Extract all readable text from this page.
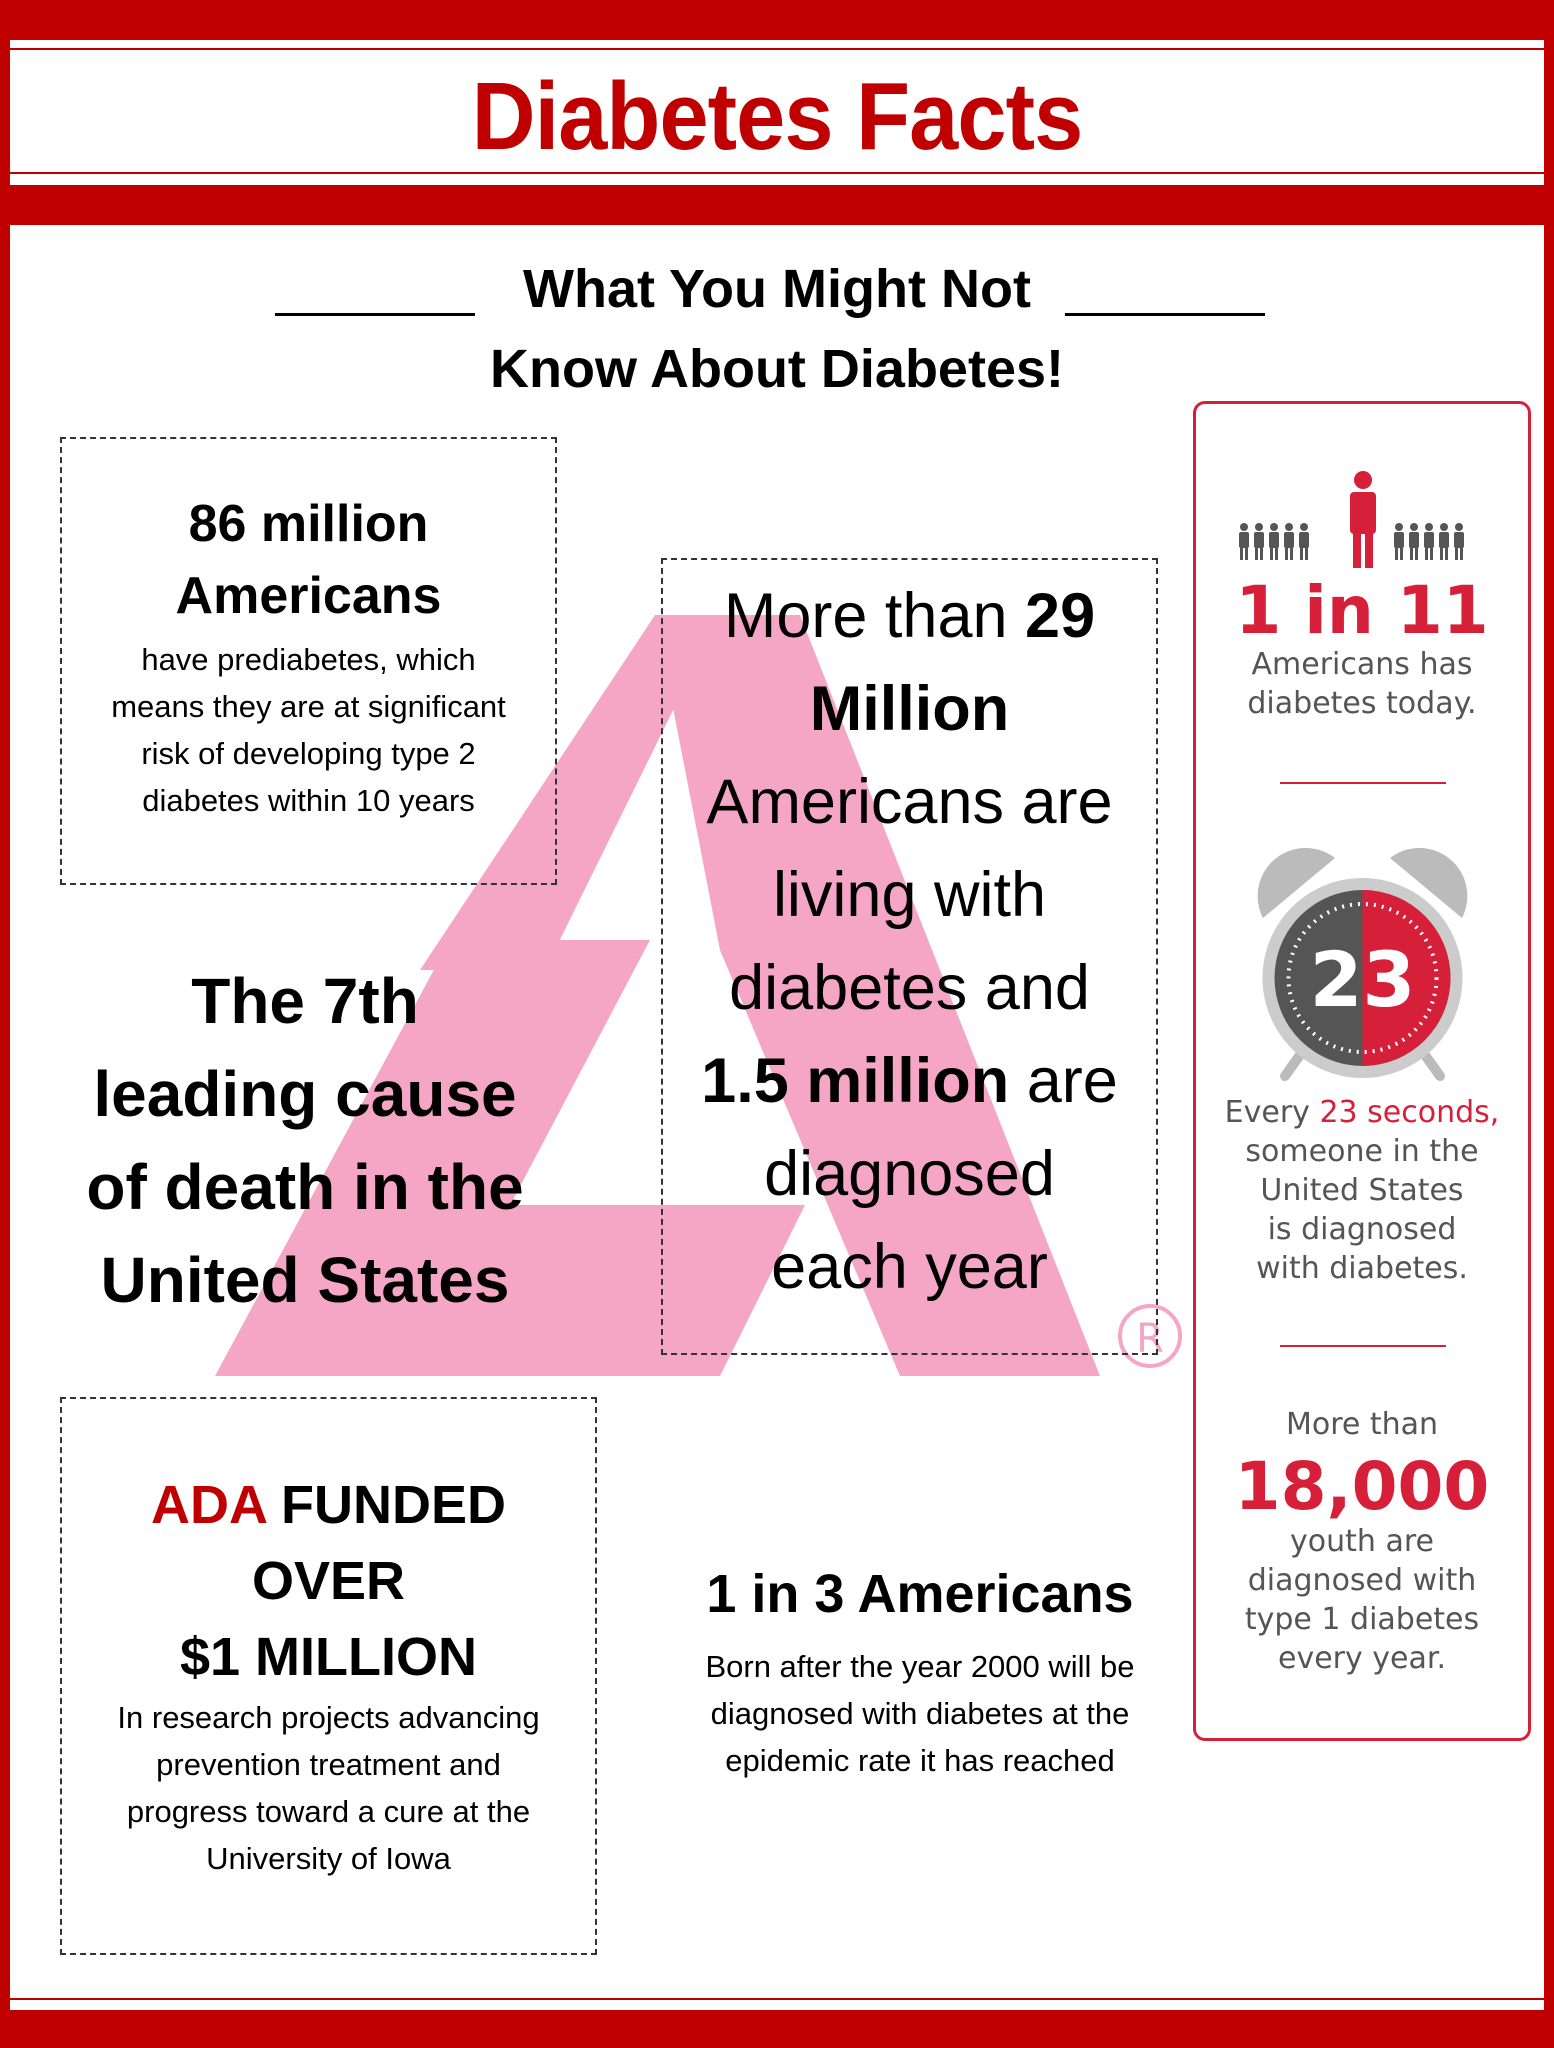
Diabetes Facts
What You Might Not
Know About Diabetes!
R
86 million
Americans
have prediabetes, which
means they are at significant
risk of developing type 2
diabetes within 10 years
The 7th
leading cause
of death in the
United States
More than 29
Million
Americans are
living with
diabetes and
1.5 million are
diagnosed
each year
ADA FUNDED
OVER
$1 MILLION
In research projects advancing
prevention treatment and
progress toward a cure at the
University of Iowa
1 in 3 Americans
Born after the year 2000 will be
diagnosed with diabetes at the
epidemic rate it has reached
1 in 11
Americans has
diabetes today.
23
Every 23 seconds,
someone in the
United States
is diagnosed
with diabetes.
More than
18,000
youth are
diagnosed with
type 1 diabetes
every year.
